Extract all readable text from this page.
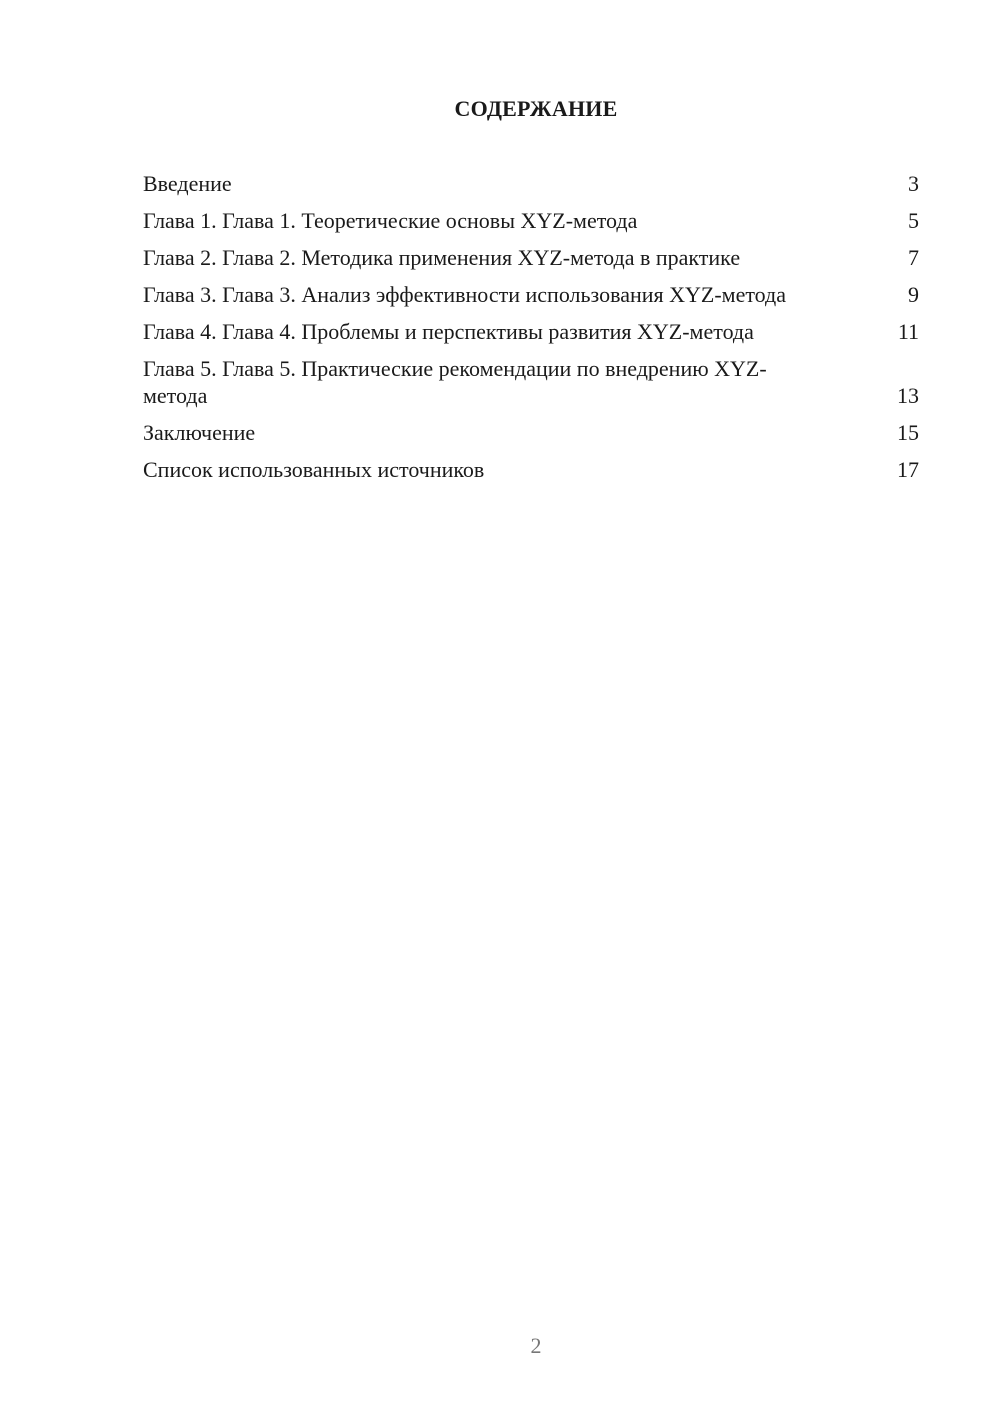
СОДЕРЖАНИЕ
Введение	3
Глава 1. Глава 1. Теоретические основы XYZ-метода	5
Глава 2. Глава 2. Методика применения XYZ-метода в практике	7
Глава 3. Глава 3. Анализ эффективности использования XYZ-метода	9
Глава 4. Глава 4. Проблемы и перспективы развития XYZ-метода	11
Глава 5. Глава 5. Практические рекомендации по внедрению XYZ-метода	13
Заключение	15
Список использованных источников	17
2
